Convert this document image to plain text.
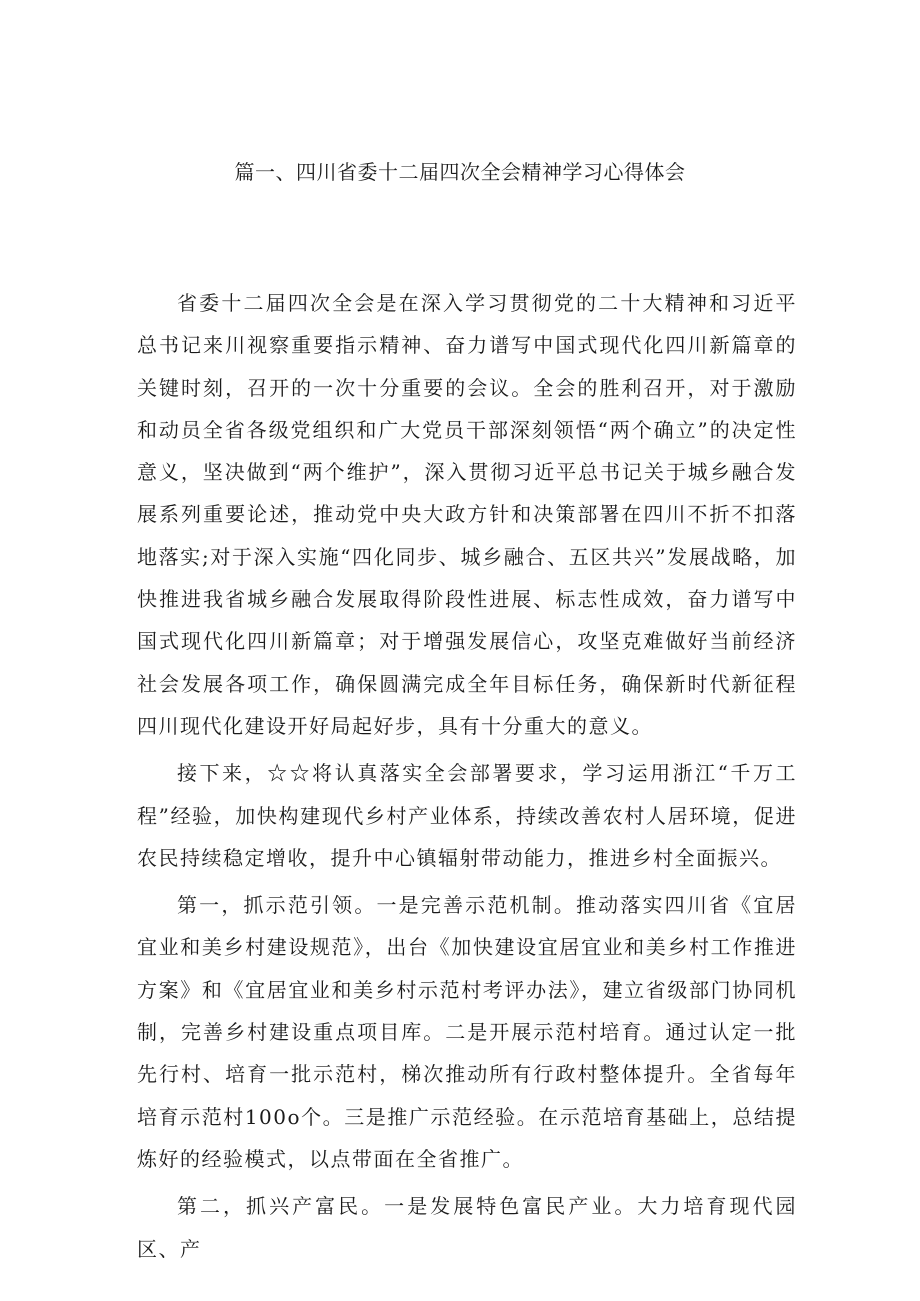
篇一、四川省委十二届四次全会精神学习心得体会

省委十二届四次全会是在深入学习贯彻党的二十大精神和习近平总书记来川视察重要指示精神、奋力谱写中国式现代化四川新篇章的关键时刻，召开的一次十分重要的会议。全会的胜利召开，对于激励和动员全省各级党组织和广大党员干部深刻领悟“两个确立”的决定性意义，坚决做到“两个维护”，深入贯彻习近平总书记关于城乡融合发展系列重要论述，推动党中央大政方针和决策部署在四川不折不扣落地落实;对于深入实施“四化同步、城乡融合、五区共兴”发展战略，加快推进我省城乡融合发展取得阶段性进展、标志性成效，奋力谱写中国式现代化四川新篇章；对于增强发展信心，攻坚克难做好当前经济社会发展各项工作，确保圆满完成全年目标任务，确保新时代新征程四川现代化建设开好局起好步，具有十分重大的意义。

接下来，☆☆将认真落实全会部署要求，学习运用浙江“千万工程”经验，加快构建现代乡村产业体系，持续改善农村人居环境，促进农民持续稳定增收，提升中心镇辐射带动能力，推进乡村全面振兴。

第一，抓示范引领。一是完善示范机制。推动落实四川省《宜居宜业和美乡村建设规范》，出台《加快建设宜居宜业和美乡村工作推进方案》和《宜居宜业和美乡村示范村考评办法》，建立省级部门协同机制，完善乡村建设重点项目库。二是开展示范村培育。通过认定一批先行村、培育一批示范村，梯次推动所有行政村整体提升。全省每年培育示范村100o个。三是推广示范经验。在示范培育基础上，总结提炼好的经验模式，以点带面在全省推广。

第二，抓兴产富民。一是发展特色富民产业。大力培育现代园区、产
